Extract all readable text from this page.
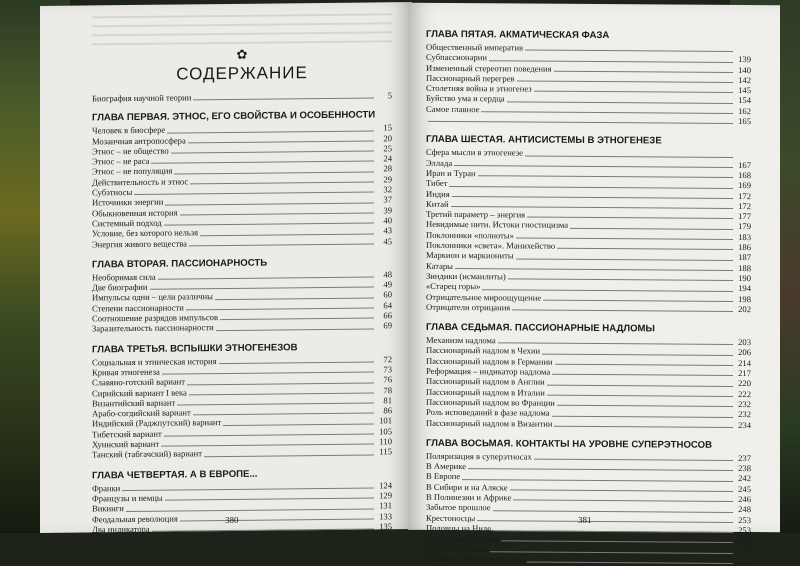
✿
СОДЕРЖАНИЕ
Биография научной теории	5
ГЛАВА ПЕРВАЯ. ЭТНОС, ЕГО СВОЙСТВА И ОСОБЕННОСТИ
Человек в биосфере	15
Мозаичная антропосфера	20
Этнос – не общество	25
Этнос – не раса	24
Этнос – не популяция	28
Действительность и этнос	29
Субэтносы	32
Источники энергии	37
Обыкновенная история	39
Системный подход	40
Условие, без которого нельзя	43
Энергия живого вещества	45
ГЛАВА ВТОРАЯ. ПАССИОНАРНОСТЬ
Необоримая сила	48
Две биографии	49
Импульсы одни – цели различны	60
Степени пассионарности	64
Соотношение разрядов импульсов	66
Заразительность пассионарности	69
ГЛАВА ТРЕТЬЯ. ВСПЫШКИ ЭТНОГЕНЕЗОВ
Социальная и этническая история	72
Кривая этногенеза	73
Славяно-готский вариант	76
Сирийский вариант I века	78
Византийский вариант	81
Арабо-согдийский вариант	86
Индийский (Раджпутский) вариант	101
Тибетский вариант	105
Хуннский вариант	110
Танский (табгачский) вариант	115
ГЛАВА ЧЕТВЕРТАЯ. А В ЕВРОПЕ...
Франки	124
Французы и немцы	129
Викинги	131
Феодальная революция	133
Два индикатора	135
380
ГЛАВА ПЯТАЯ. АКМАТИЧЕСКАЯ ФАЗА
Общественный императив
Субпассионарии	139
Измененный стереотип поведения	140
Пассионарный перегрев	142
Столетняя война и этногенез	145
Буйство ума и сердца	154
Самое главное	162
165
ГЛАВА ШЕСТАЯ. АНТИСИСТЕМЫ В ЭТНОГЕНЕЗЕ
Сфера мысли в этногенезе
Эллада	167
Иран и Туран	168
Тибет	169
Индия	172
Китай	172
Третий параметр – энергия	177
Невидимые нити. Истоки гностицизма	179
Поклонники «полноты»	183
Поклонники «света». Манихейство	186
Маркион и маркиониты	187
Катары	188
Зиндики (исмаилиты)	190
«Старец горы»	194
Отрицательное мироощущение	198
Отрицатели отрицания	202
ГЛАВА СЕДЬМАЯ. ПАССИОНАРНЫЕ НАДЛОМЫ
Механизм надлома	203
Пассионарный надлом в Чехии	206
Пассионарный надлом в Германии	214
Реформация – индикатор надлома	217
Пассионарный надлом в Англии	220
Пассионарный надлом в Италии	222
Пассионарный надлом во Франции	232
Роль исповеданий в фазе надлома	232
Пассионарный надлом в Византии	234
ГЛАВА ВОСЬМАЯ. КОНТАКТЫ НА УРОВНЕ СУПЕРЭТНОСОВ
Поляризация в суперэтносах	237
В Америке	238
В Европе	242
В Сибири и на Аляске	245
В Полинезии и Африке	246
Забытое прошлое	248
Крестоносцы	253
Половцы на Ниле	253
Сидонская трагедия	255
Путь к бедствию	257
Гипотеза этнического поля	261
381
